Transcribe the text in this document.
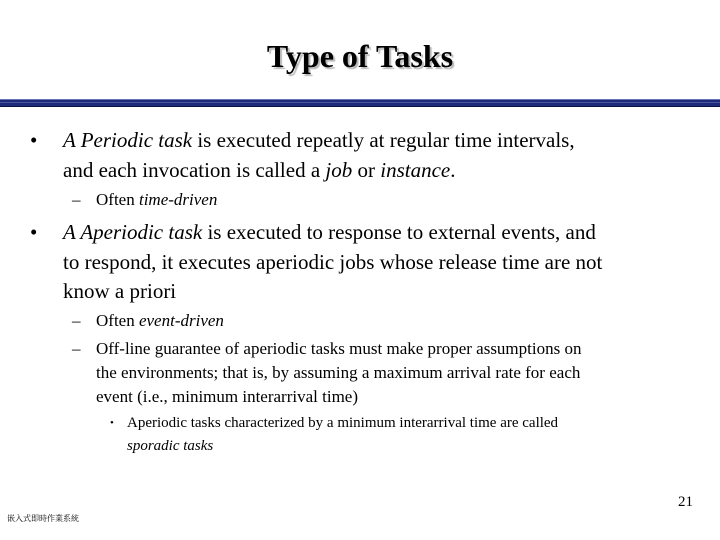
Type of Tasks
• A Periodic task is executed repeatly at regular time intervals,
and each invocation is called a job or instance.
– Often time-driven
• A Aperiodic task is executed to response to external events, and
to respond, it executes aperiodic jobs whose release time are not
know a priori
– Often event-driven
– Off-line guarantee of aperiodic tasks must make proper assumptions on
the environments; that is, by assuming a maximum arrival rate for each
event (i.e., minimum interarrival time)
• Aperiodic tasks characterized by a minimum interarrival time are called
sporadic tasks
21
嵌入式即時作業系統
